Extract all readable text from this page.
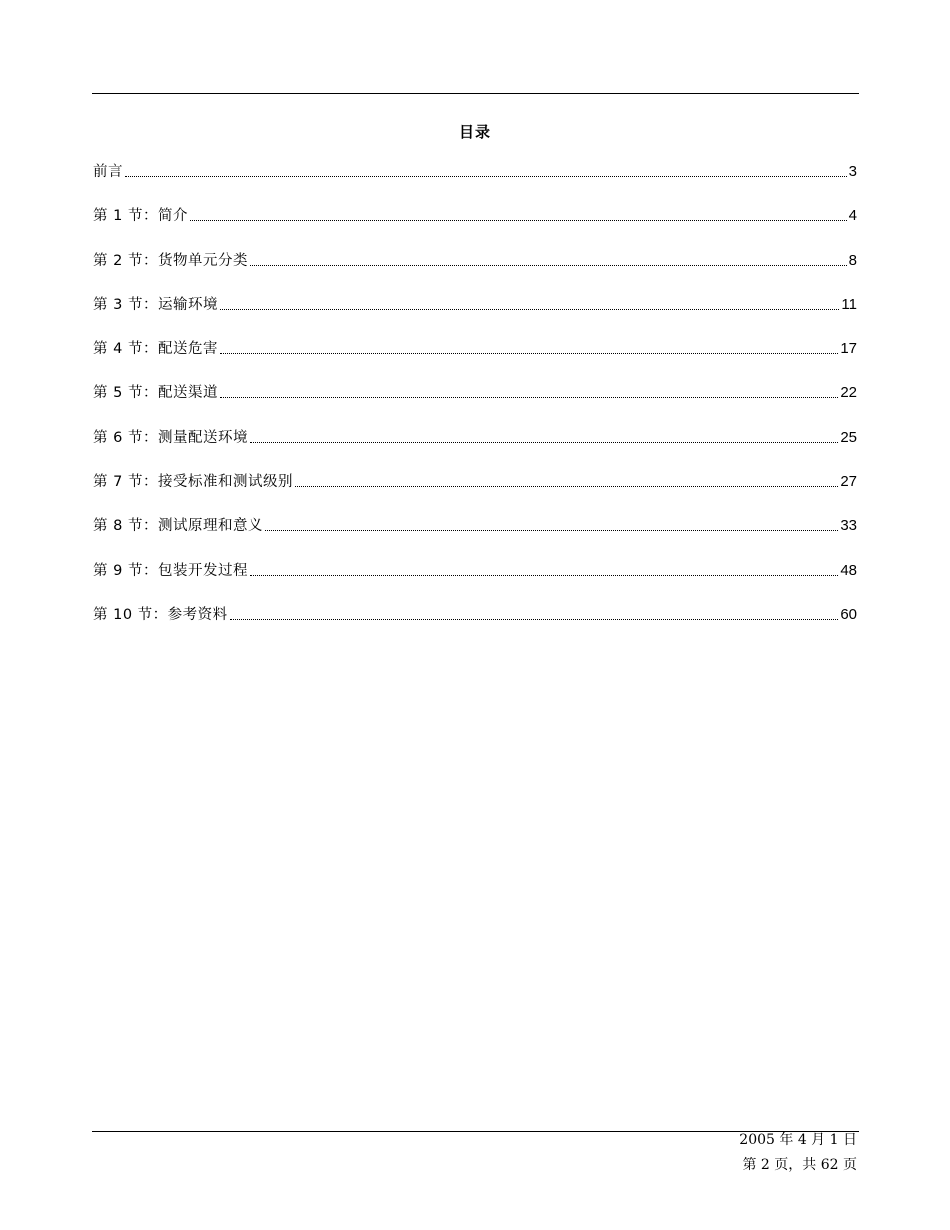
目录
前言	3
第 1 节：简介	4
第 2 节：货物单元分类	8
第 3 节：运输环境	11
第 4 节：配送危害	17
第 5 节：配送渠道	22
第 6 节：测量配送环境	25
第 7 节：接受标准和测试级别	27
第 8 节：测试原理和意义	33
第 9 节：包装开发过程	48
第 10 节：参考资料	60
2005 年 4 月 1 日
第 2 页，共 62 页
